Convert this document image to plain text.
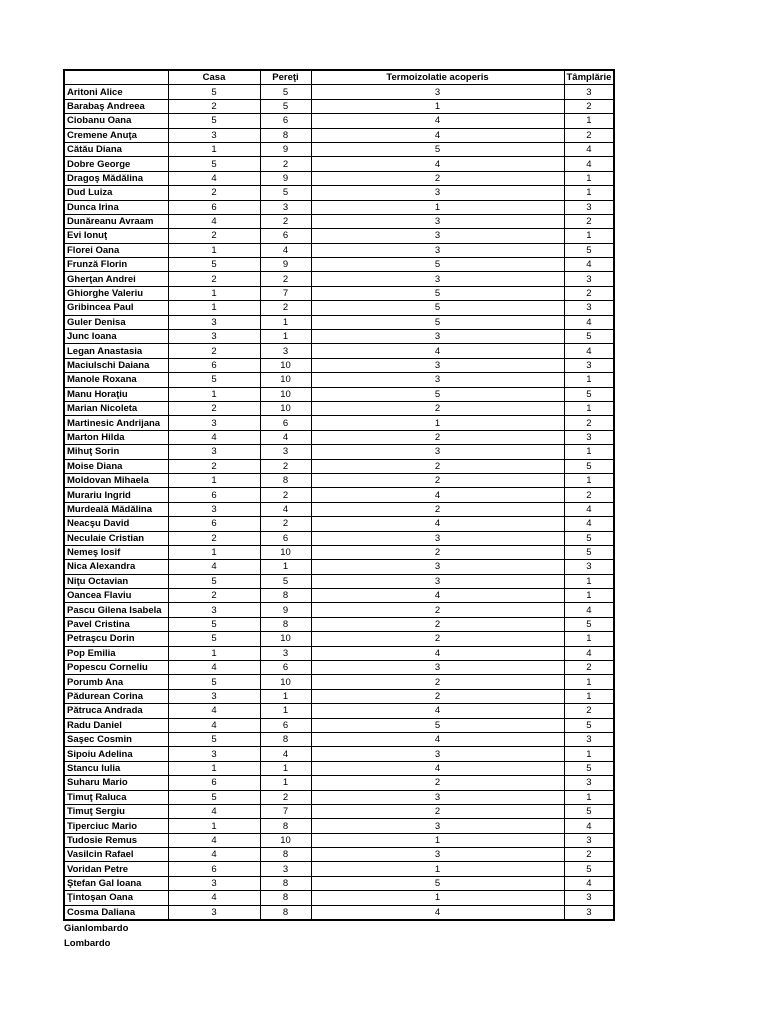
	Casa	Pereţi	Termoizolatie acoperis	Tâmplărie
Aritoni Alice	5	5	3	3
Barabaş Andreea	2	5	1	2
Ciobanu Oana	5	6	4	1
Cremene Anuţa	3	8	4	2
Cătău Diana	1	9	5	4
Dobre George	5	2	4	4
Dragoş Mădălina	4	9	2	1
Dud Luiza	2	5	3	1
Dunca Irina	6	3	1	3
Dunăreanu Avraam	4	2	3	2
Evi Ionuţ	2	6	3	1
Florei Oana	1	4	3	5
Frunză Florin	5	9	5	4
Gherţan Andrei	2	2	3	3
Ghiorghe Valeriu	1	7	5	2
Gribincea Paul	1	2	5	3
Guler Denisa	3	1	5	4
Junc Ioana	3	1	3	5
Legan Anastasia	2	3	4	4
Maciulschi Daiana	6	10	3	3
Manole Roxana	5	10	3	1
Manu Horaţiu	1	10	5	5
Marian Nicoleta	2	10	2	1
Martinesic Andrijana	3	6	1	2
Marton Hilda	4	4	2	3
Mihuţ Sorin	3	3	3	1
Moise Diana	2	2	2	5
Moldovan Mihaela	1	8	2	1
Murariu Ingrid	6	2	4	2
Murdeală Mădălina	3	4	2	4
Neacşu David	6	2	4	4
Neculaie Cristian	2	6	3	5
Nemeş Iosif	1	10	2	5
Nica Alexandra	4	1	3	3
Niţu Octavian	5	5	3	1
Oancea Flaviu	2	8	4	1
Pascu Gilena Isabela	3	9	2	4
Pavel Cristina	5	8	2	5
Petraşcu Dorin	5	10	2	1
Pop Emilia	1	3	4	4
Popescu Corneliu	4	6	3	2
Porumb Ana	5	10	2	1
Pădurean Corina	3	1	2	1
Pătruca Andrada	4	1	4	2
Radu Daniel	4	6	5	5
Saşec Cosmin	5	8	4	3
Sipoiu Adelina	3	4	3	1
Stancu Iulia	1	1	4	5
Suharu Mario	6	1	2	3
Timuţ Raluca	5	2	3	1
Timuţ Sergiu	4	7	2	5
Tiperciuc Mario	1	8	3	4
Tudosie Remus	4	10	1	3
Vasilcin Rafael	4	8	3	2
Voridan Petre	6	3	1	5
Ştefan Gal Ioana	3	8	5	4
Ţintoşan Oana	4	8	1	3
Cosma Daliana	3	8	4	3
Gianlombardo
Lombardo
